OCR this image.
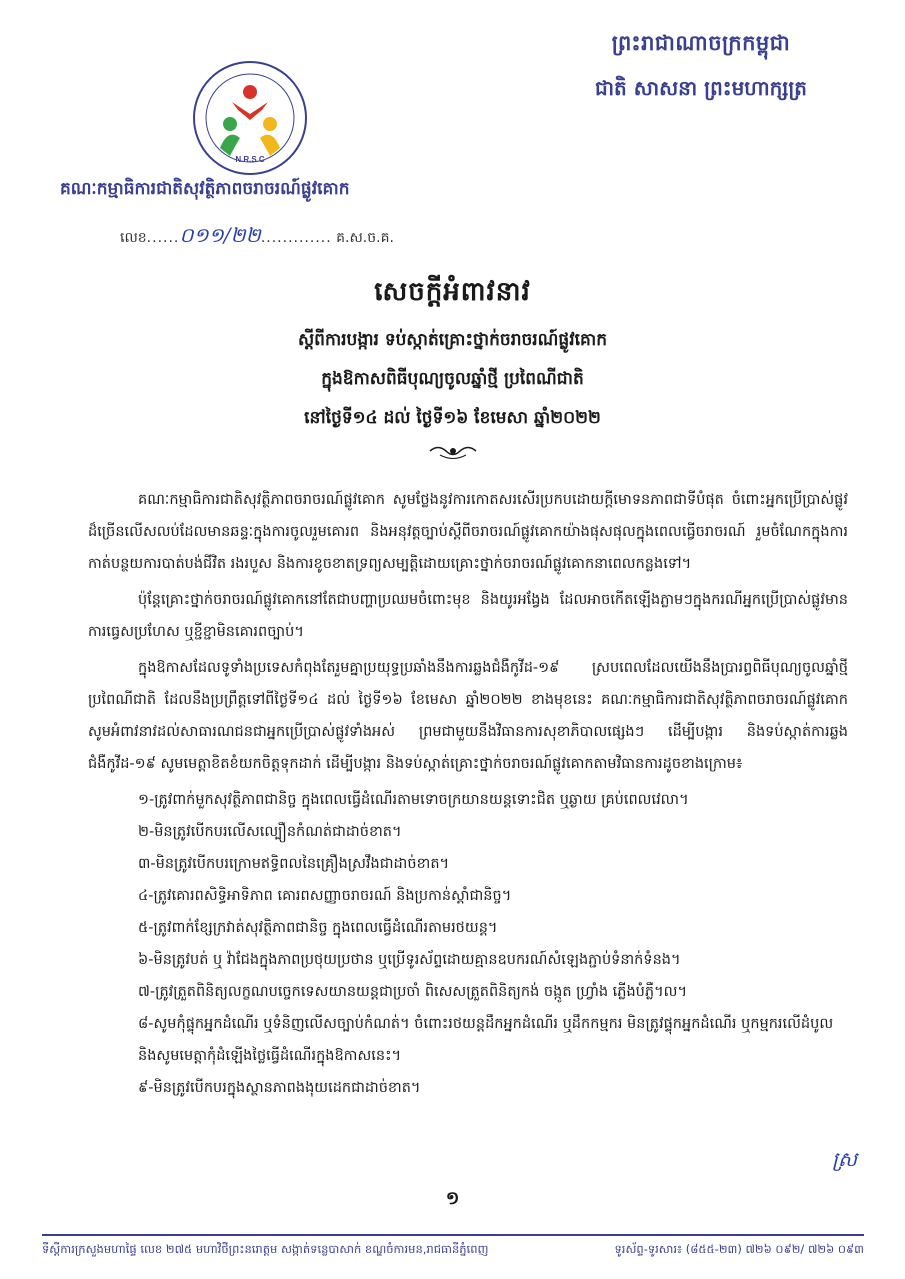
ព្រះរាជាណាចក្រកម្ពុជា
ជាតិ សាសនា ព្រះមហាក្សត្រ
N.R.S.C
គណៈកម្មាធិការជាតិសុវត្ថិភាពចរាចរណ៍ផ្លូវគោក
លេខ......០១១/២២............. គ.ស.ច.គ.
សេចក្តីអំពាវនាវ
ស្តីពីការបង្ការ ទប់ស្កាត់គ្រោះថ្នាក់ចរាចរណ៍ផ្លូវគោក
ក្នុងឱកាសពិធីបុណ្យចូលឆ្នាំថ្មី ប្រពៃណីជាតិ
នៅថ្ងៃទី១៤ ដល់ ថ្ងៃទី១៦ ខែមេសា ឆ្នាំ២០២២

គណៈកម្មាធិការជាតិសុវត្ថិភាពចរាចរណ៍ផ្លូវគោក សូមថ្លែងនូវការកោតសរសើរប្រកបដោយក្តីមោទនភាពជាទីបំផុត ចំពោះអ្នកប្រើប្រាស់ផ្លូវដ៏ច្រើនលើសលប់ដែលមានឆន្ទៈក្នុងការចូលរួមគោរព និងអនុវត្តច្បាប់ស្តីពីចរាចរណ៍ផ្លូវគោកយ៉ាងផុសផុលក្នុងពេលធ្វើចរាចរណ៍ រួមចំណែកក្នុងការកាត់បន្ថយការបាត់បង់ជីវិត រងរបួស និងការខូចខាតទ្រព្យសម្បត្តិដោយគ្រោះថ្នាក់ចរាចរណ៍ផ្លូវគោកនាពេលកន្លងទៅ។

ប៉ុន្តែគ្រោះថ្នាក់ចរាចរណ៍ផ្លូវគោកនៅតែជាបញ្ហាប្រឈមចំពោះមុខ និងយូរអង្វែង ដែលអាចកើតឡើងភ្លាមៗក្នុងករណីអ្នកប្រើប្រាស់ផ្លូវមានការធ្វេសប្រហែស ឬខ្ជីខ្ជាមិនគោរពច្បាប់។

ក្នុងឱកាសដែលទូទាំងប្រទេសកំពុងតែរួមគ្នាប្រយុទ្ធប្រឆាំងនឹងការឆ្លងជំងឺកូវីដ-១៩ ស្របពេលដែលយើងនឹងប្រារព្ធពិធីបុណ្យចូលឆ្នាំថ្មី ប្រពៃណីជាតិ ដែលនឹងប្រព្រឹត្តទៅពីថ្ងៃទី១៤ ដល់ ថ្ងៃទី១៦ ខែមេសា ឆ្នាំ២០២២ ខាងមុខនេះ គណៈកម្មាធិការជាតិសុវត្ថិភាពចរាចរណ៍ផ្លូវគោក សូមអំពាវនាវដល់សាធារណជនជាអ្នកប្រើប្រាស់ផ្លូវទាំងអស់ ព្រមជាមួយនឹងវិធានការសុខាភិបាលផ្សេងៗ ដើម្បីបង្ការ និងទប់ស្កាត់ការឆ្លងជំងឺកូវីដ-១៩ សូមមេត្តាខិតខំយកចិត្តទុកដាក់ ដើម្បីបង្ការ និងទប់ស្កាត់គ្រោះថ្នាក់ចរាចរណ៍ផ្លូវគោកតាមវិធានការដូចខាងក្រោម៖

១-ត្រូវពាក់មួកសុវត្ថិភាពជានិច្ច ក្នុងពេលធ្វើដំណើរតាមទោចក្រយានយន្តទោះជិត ឬឆ្ងាយ គ្រប់ពេលវេលា។
២-មិនត្រូវបើកបរលើសល្បឿនកំណត់ជាដាច់ខាត។
៣-មិនត្រូវបើកបរក្រោមឥទ្ធិពលនៃគ្រឿងស្រវឹងជាដាច់ខាត។
៤-ត្រូវគោរពសិទ្ធិអាទិភាព គោរពសញ្ញាចរាចរណ៍ និងប្រកាន់ស្តាំជានិច្ច។
៥-ត្រូវពាក់ខ្សែក្រវាត់សុវត្ថិភាពជានិច្ច ក្នុងពេលធ្វើដំណើរតាមរថយន្ត។
៦-មិនត្រូវបត់ ឬ វ៉ាជែងក្នុងភាពប្រថុយប្រថាន ឬប្រើទូរស័ព្ទដោយគ្មានឧបករណ៍សំឡេងភ្ជាប់ទំនាក់ទំនង។
៧-ត្រូវត្រួតពិនិត្យលក្ខណបច្ចេកទេសយានយន្តជាប្រចាំ ពិសេសត្រួតពិនិត្យកង់ ចង្កូត ហ្វ្រាំង ភ្លើងបំភ្លឺ។ល។
៨-សូមកុំផ្ទុកអ្នកដំណើរ ឬទំនិញលើសច្បាប់កំណត់។ ចំពោះរថយន្តដឹកអ្នកដំណើរ ឬដឹកកម្មករ មិនត្រូវផ្ទុកអ្នកដំណើរ ឬកម្មករលើដំបូល និងសូមមេត្តាកុំដំឡើងថ្លៃធ្វើដំណើរក្នុងឱកាសនេះ។
៩-មិនត្រូវបើកបរក្នុងស្ថានភាពងងុយដេកជាដាច់ខាត។
ស្រ
១
ទីស្តីការក្រសួងមហាផ្ទៃ លេខ ២៧៥ មហាវិថីព្រះនរោត្តម សង្កាត់ទន្លេបាសាក់ ខណ្ឌចំការមន,រាជធានីភ្នំពេញ	ទូរស័ព្ទ-ទូរសារ៖ (៨៥៥-២៣) ៧២៦ ០៩២/ ៧២៦ ០៩៣
